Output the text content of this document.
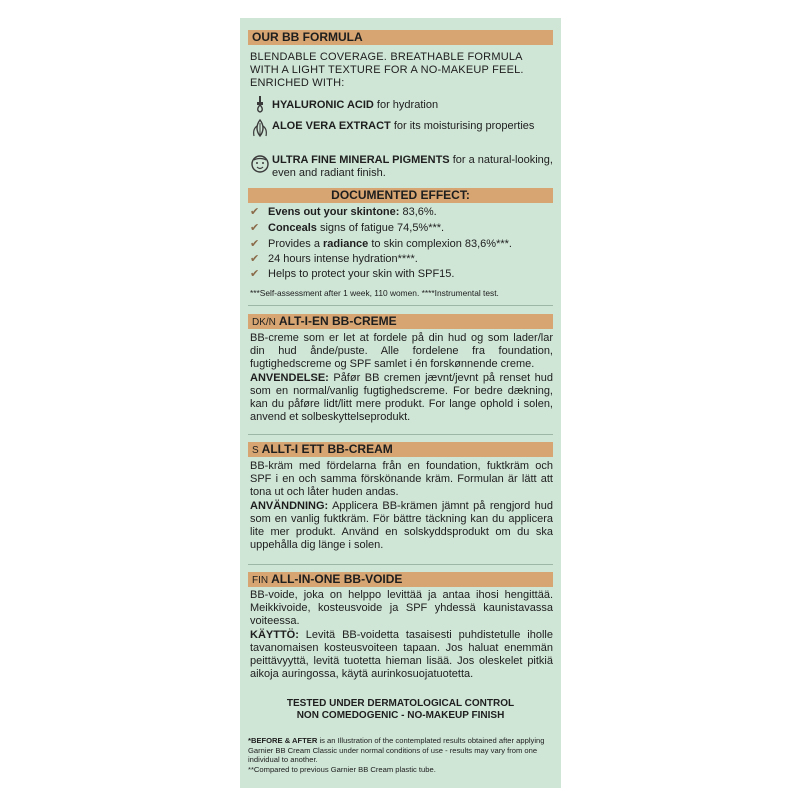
OUR BB FORMULA
BLENDABLE COVERAGE. BREATHABLE FORMULA
WITH A LIGHT TEXTURE FOR A NO-MAKEUP FEEL.
ENRICHED WITH:
HYALURONIC ACID for hydration
ALOE VERA EXTRACT for its moisturising properties
ULTRA FINE MINERAL PIGMENTS for a natural-looking, even and radiant finish.
DOCUMENTED EFFECT:
✔ Evens out your skintone: 83,6%.
✔ Conceals signs of fatigue 74,5%***.
✔ Provides a radiance to skin complexion 83,6%***.
✔ 24 hours intense hydration****.
✔ Helps to protect your skin with SPF15.
***Self-assessment after 1 week, 110 women. ****Instrumental test.
DK/N ALT-I-EN BB-CREME
BB-creme som er let at fordele på din hud og som lader/lar din hud ånde/puste. Alle fordelene fra foundation, fugtighedscreme og SPF samlet i én forskønnende creme.
ANVENDELSE: Påfør BB cremen jævnt/jevnt på renset hud som en normal/vanlig fugtighedscreme. For bedre dækning, kan du påføre lidt/litt mere produkt. For lange ophold i solen, anvend et solbeskyttelseprodukt.
S ALLT-I ETT BB-CREAM
BB-kräm med fördelarna från en foundation, fuktkräm och SPF i en och samma förskönande kräm. Formulan är lätt att tona ut och låter huden andas.
ANVÄNDNING: Applicera BB-krämen jämnt på rengjord hud som en vanlig fuktkräm. För bättre täckning kan du applicera lite mer produkt. Använd en solskyddsprodukt om du ska uppehålla dig länge i solen.
FIN ALL-IN-ONE BB-VOIDE
BB-voide, joka on helppo levittää ja antaa ihosi hengittää. Meikkivoide, kosteusvoide ja SPF yhdessä kaunistavassa voiteessa.
KÄYTTÖ: Levitä BB-voidetta tasaisesti puhdistetulle iholle tavanomaisen kosteusvoiteen tapaan. Jos haluat enemmän peittävyyttä, levitä tuotetta hieman lisää. Jos oleskelet pitkiä aikoja auringossa, käytä aurinkosuojatuotetta.
TESTED UNDER DERMATOLOGICAL CONTROL
NON COMEDOGENIC - NO-MAKEUP FINISH
*BEFORE & AFTER is an Illustration of the contemplated results obtained after applying Garnier BB Cream Classic under normal conditions of use - results may vary from one individual to another.
**Compared to previous Garnier BB Cream plastic tube.
